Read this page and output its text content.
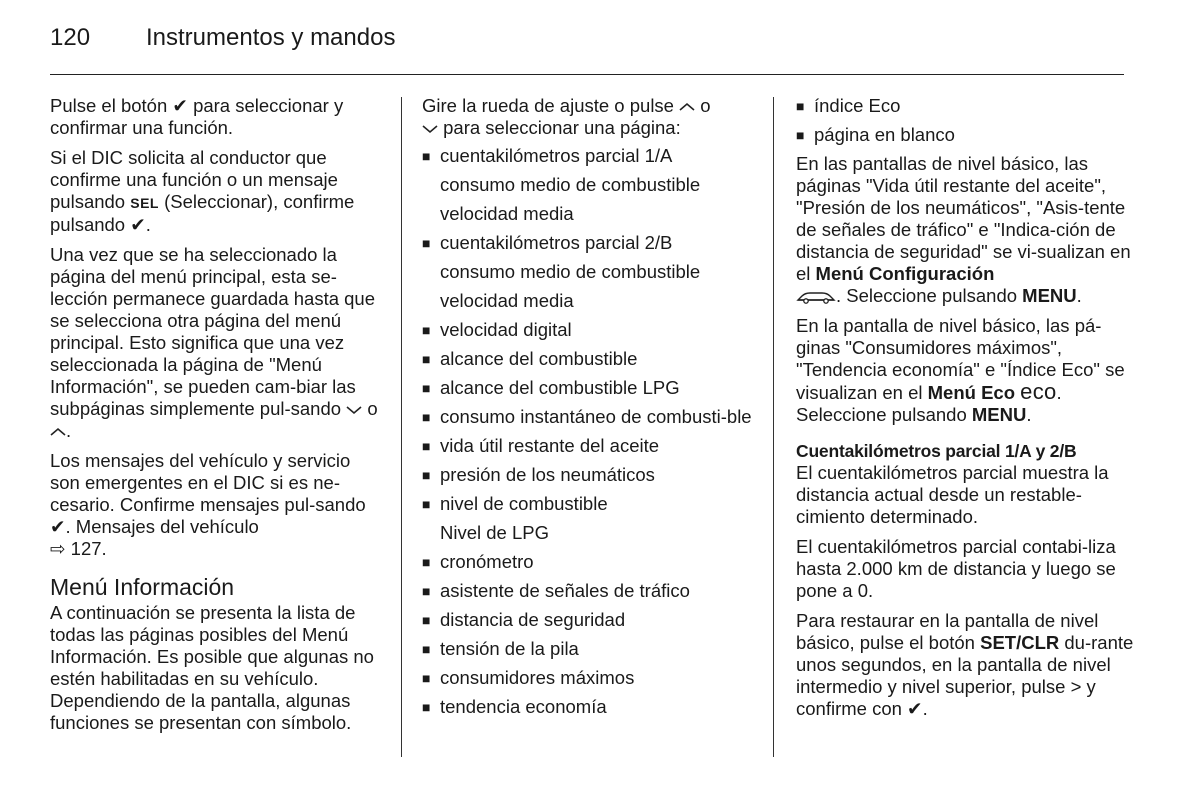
120 Instrumentos y mandos

Pulse el botón ✔ para seleccionar y confirmar una función.

Si el DIC solicita al conductor que confirme una función o un mensaje pulsando SEL (Seleccionar), confirme pulsando ✔.

Una vez que se ha seleccionado la página del menú principal, esta se-lección permanece guardada hasta que se selecciona otra página del menú principal. Esto significa que una vez seleccionada la página de "Menú Información", se pueden cam-biar las subpáginas simplemente pul-sando o .

Los mensajes del vehículo y servicio son emergentes en el DIC si es ne-cesario. Confirme mensajes pul-sando ✔. Mensajes del vehículo
⇨ 127.

Menú Información

A continuación se presenta la lista de todas las páginas posibles del Menú Información. Es posible que algunas no estén habilitadas en su vehículo. Dependiendo de la pantalla, algunas funciones se presentan con símbolo.

Gire la rueda de ajuste o pulse o
para seleccionar una página:

■ cuentakilómetros parcial 1/A
consumo medio de combustible
velocidad media
■ cuentakilómetros parcial 2/B
consumo medio de combustible
velocidad media
■ velocidad digital
■ alcance del combustible
■ alcance del combustible LPG
■ consumo instantáneo de combusti-ble
■ vida útil restante del aceite
■ presión de los neumáticos
■ nivel de combustible
Nivel de LPG
■ cronómetro
■ asistente de señales de tráfico
■ distancia de seguridad
■ tensión de la pila
■ consumidores máximos
■ tendencia economía
■ índice Eco
■ página en blanco

En las pantallas de nivel básico, las páginas "Vida útil restante del aceite", "Presión de los neumáticos", "Asis-tente de señales de tráfico" e "Indica-ción de distancia de seguridad" se vi-sualizan en el Menú Configuración
. Seleccione pulsando MENU.

En la pantalla de nivel básico, las pá-ginas "Consumidores máximos", "Tendencia economía" e "Índice Eco" se visualizan en el Menú Eco eco. Seleccione pulsando MENU.

Cuentakilómetros parcial 1/A y 2/B

El cuentakilómetros parcial muestra la distancia actual desde un restable-cimiento determinado.

El cuentakilómetros parcial contabi-liza hasta 2.000 km de distancia y luego se pone a 0.

Para restaurar en la pantalla de nivel básico, pulse el botón SET/CLR du-rante unos segundos, en la pantalla de nivel intermedio y nivel superior, pulse > y confirme con ✔.
